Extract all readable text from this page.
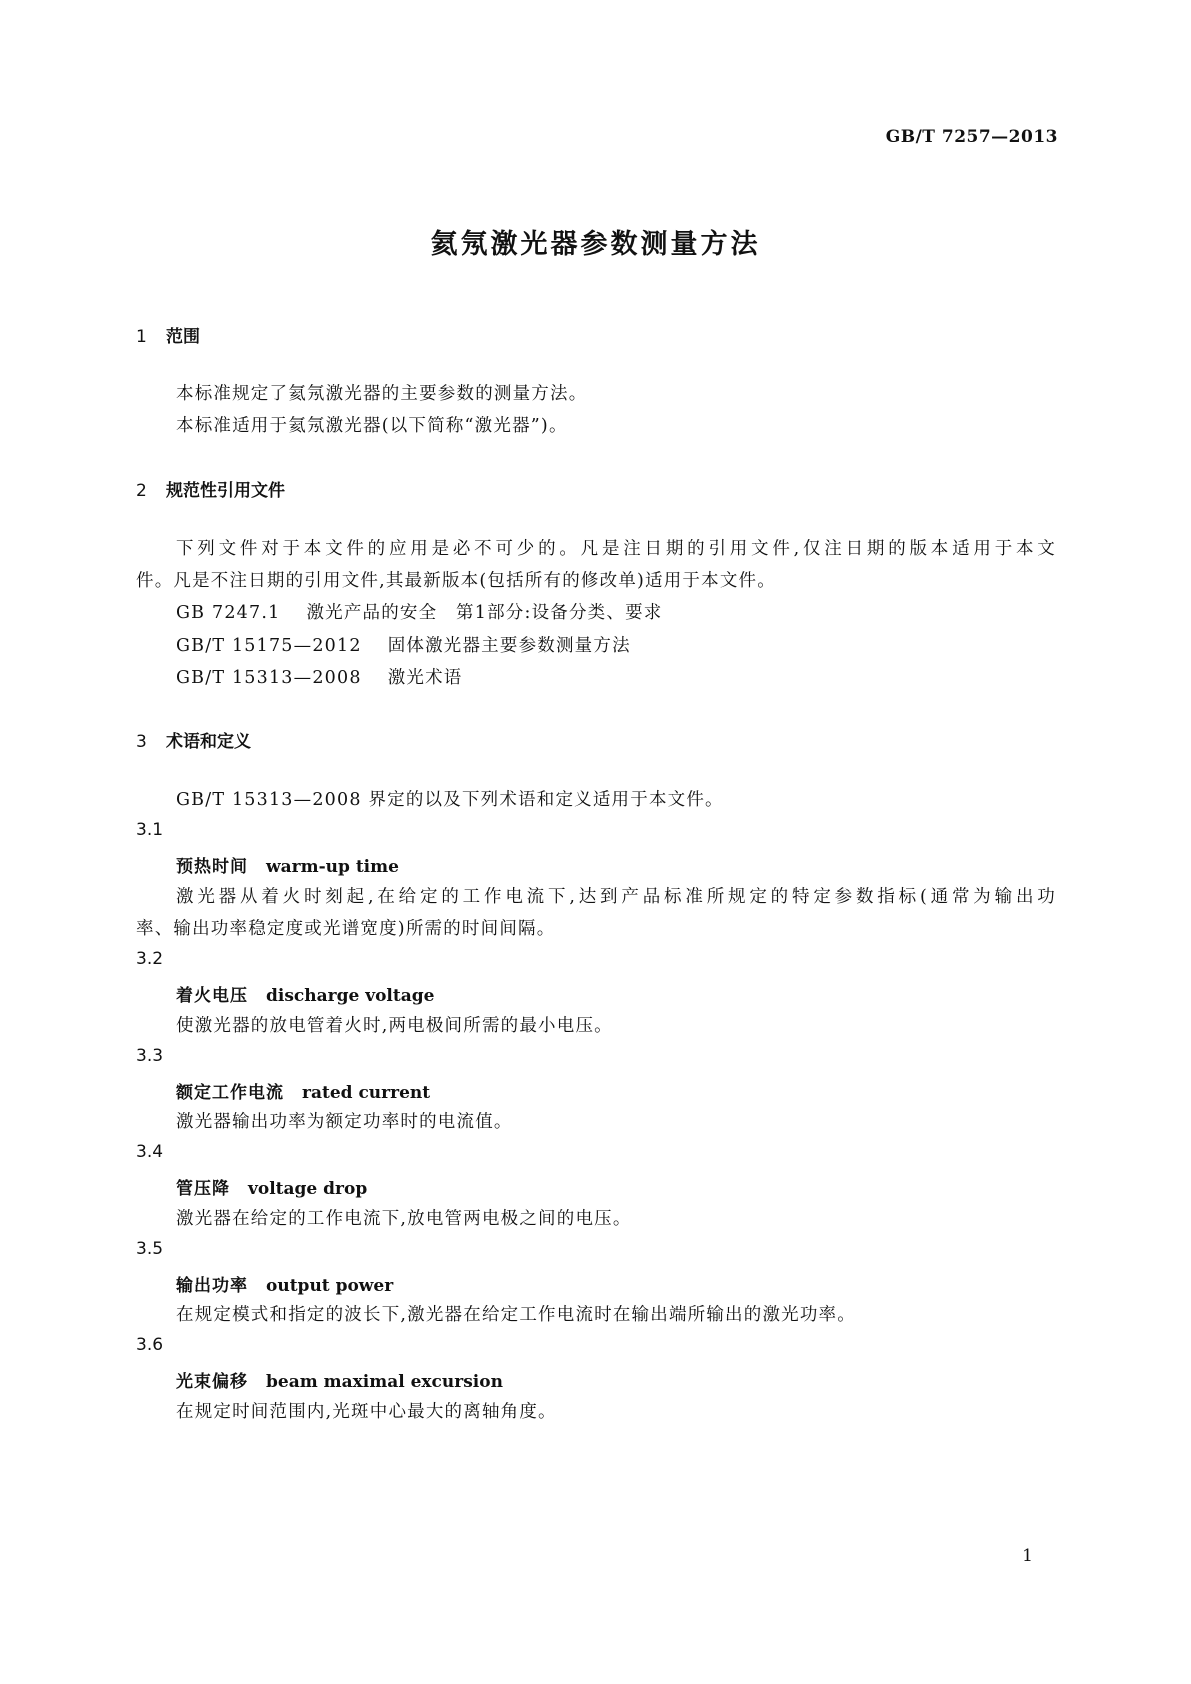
GB/T 7257—2013
氦氖激光器参数测量方法
1 范围
本标准规定了氦氖激光器的主要参数的测量方法。
本标准适用于氦氖激光器(以下简称“激光器”)。
2 规范性引用文件
下列文件对于本文件的应用是必不可少的。凡是注日期的引用文件,仅注日期的版本适用于本文
件。凡是不注日期的引用文件,其最新版本(包括所有的修改单)适用于本文件。
GB 7247.1 激光产品的安全　第1部分:设备分类、要求
GB/T 15175—2012 固体激光器主要参数测量方法
GB/T 15313—2008 激光术语
3 术语和定义
GB/T 15313—2008 界定的以及下列术语和定义适用于本文件。
3.1
预热时间 warm-up time
激光器从着火时刻起,在给定的工作电流下,达到产品标准所规定的特定参数指标(通常为输出功
率、输出功率稳定度或光谱宽度)所需的时间间隔。
3.2
着火电压 discharge voltage
使激光器的放电管着火时,两电极间所需的最小电压。
3.3
额定工作电流 rated current
激光器输出功率为额定功率时的电流值。
3.4
管压降 voltage drop
激光器在给定的工作电流下,放电管两电极之间的电压。
3.5
输出功率 output power
在规定模式和指定的波长下,激光器在给定工作电流时在输出端所输出的激光功率。
3.6
光束偏移 beam maximal excursion
在规定时间范围内,光斑中心最大的离轴角度。
1
